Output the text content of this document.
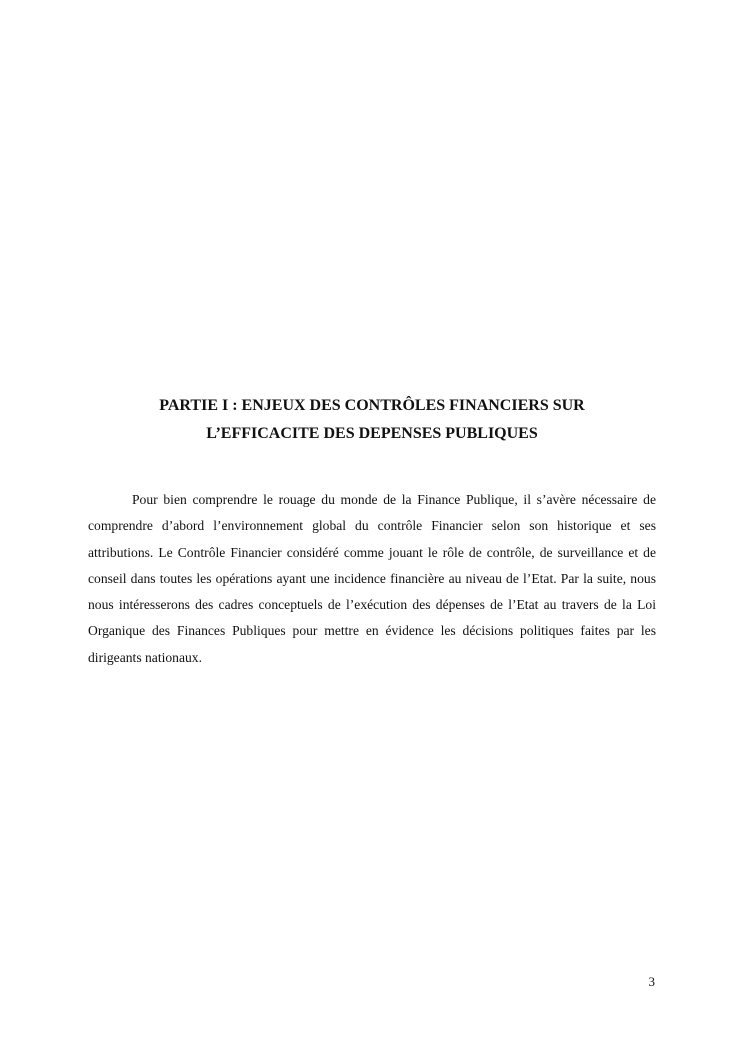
PARTIE I : ENJEUX DES CONTRÔLES FINANCIERS SUR
L’EFFICACITE DES DEPENSES PUBLIQUES

Pour bien comprendre le rouage du monde de la Finance Publique, il s’avère nécessaire de comprendre d’abord l’environnement global du contrôle Financier selon son historique et ses attributions. Le Contrôle Financier considéré comme jouant le rôle de contrôle, de surveillance et de conseil dans toutes les opérations ayant une incidence financière au niveau de l’Etat. Par la suite, nous nous intéresserons des cadres conceptuels de l’exécution des dépenses de l’Etat au travers de la Loi Organique des Finances Publiques pour mettre en évidence les décisions politiques faites par les dirigeants nationaux.

3
